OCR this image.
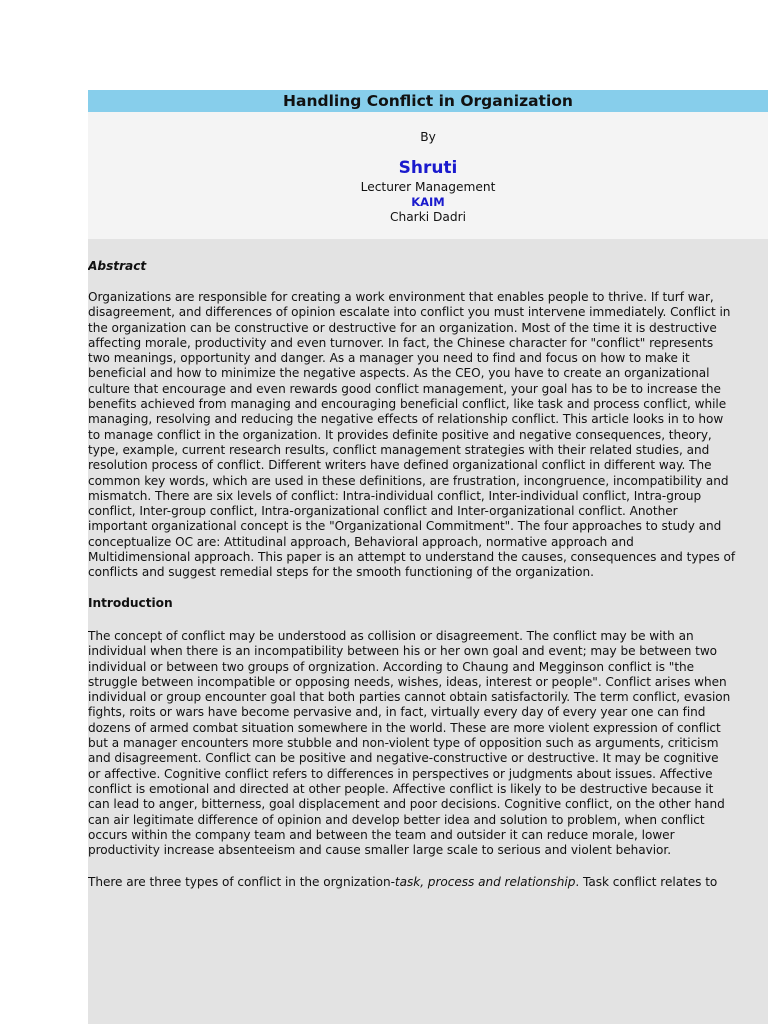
Handling Conflict in Organization
By
Shruti
Lecturer Management
KAIM
Charki Dadri
Abstract

Organizations are responsible for creating a work environment that enables people to thrive. If turf war,
disagreement, and differences of opinion escalate into conflict you must intervene immediately. Conflict in
the organization can be constructive or destructive for an organization. Most of the time it is destructive
affecting morale, productivity and even turnover. In fact, the Chinese character for "conflict" represents
two meanings, opportunity and danger. As a manager you need to find and focus on how to make it
beneficial and how to minimize the negative aspects. As the CEO, you have to create an organizational
culture that encourage and even rewards good conflict management, your goal has to be to increase the
benefits achieved from managing and encouraging beneficial conflict, like task and process conflict, while
managing, resolving and reducing the negative effects of relationship conflict. This article looks in to how
to manage conflict in the organization. It provides definite positive and negative consequences, theory,
type, example, current research results, conflict management strategies with their related studies, and
resolution process of conflict. Different writers have defined organizational conflict in different way. The
common key words, which are used in these definitions, are frustration, incongruence, incompatibility and
mismatch. There are six levels of conflict: Intra-individual conflict, Inter-individual conflict, Intra-group
conflict, Inter-group conflict, Intra-organizational conflict and Inter-organizational conflict. Another
important organizational concept is the "Organizational Commitment". The four approaches to study and
conceptualize OC are: Attitudinal approach, Behavioral approach, normative approach and
Multidimensional approach. This paper is an attempt to understand the causes, consequences and types of
conflicts and suggest remedial steps for the smooth functioning of the organization.

Introduction

The concept of conflict may be understood as collision or disagreement. The conflict may be with an
individual when there is an incompatibility between his or her own goal and event; may be between two
individual or between two groups of orgnization. According to Chaung and Megginson conflict is "the
struggle between incompatible or opposing needs, wishes, ideas, interest or people". Conflict arises when
individual or group encounter goal that both parties cannot obtain satisfactorily. The term conflict, evasion
fights, roits or wars have become pervasive and, in fact, virtually every day of every year one can find
dozens of armed combat situation somewhere in the world. These are more violent expression of conflict
but a manager encounters more stubble and non-violent type of opposition such as arguments, criticism
and disagreement. Conflict can be positive and negative-constructive or destructive. It may be cognitive
or affective. Cognitive conflict refers to differences in perspectives or judgments about issues. Affective
conflict is emotional and directed at other people. Affective conflict is likely to be destructive because it
can lead to anger, bitterness, goal displacement and poor decisions. Cognitive conflict, on the other hand
can air legitimate difference of opinion and develop better idea and solution to problem, when conflict
occurs within the company team and between the team and outsider it can reduce morale, lower
productivity increase absenteeism and cause smaller large scale to serious and violent behavior.

There are three types of conflict in the orgnization-task, process and relationship. Task conflict relates to
